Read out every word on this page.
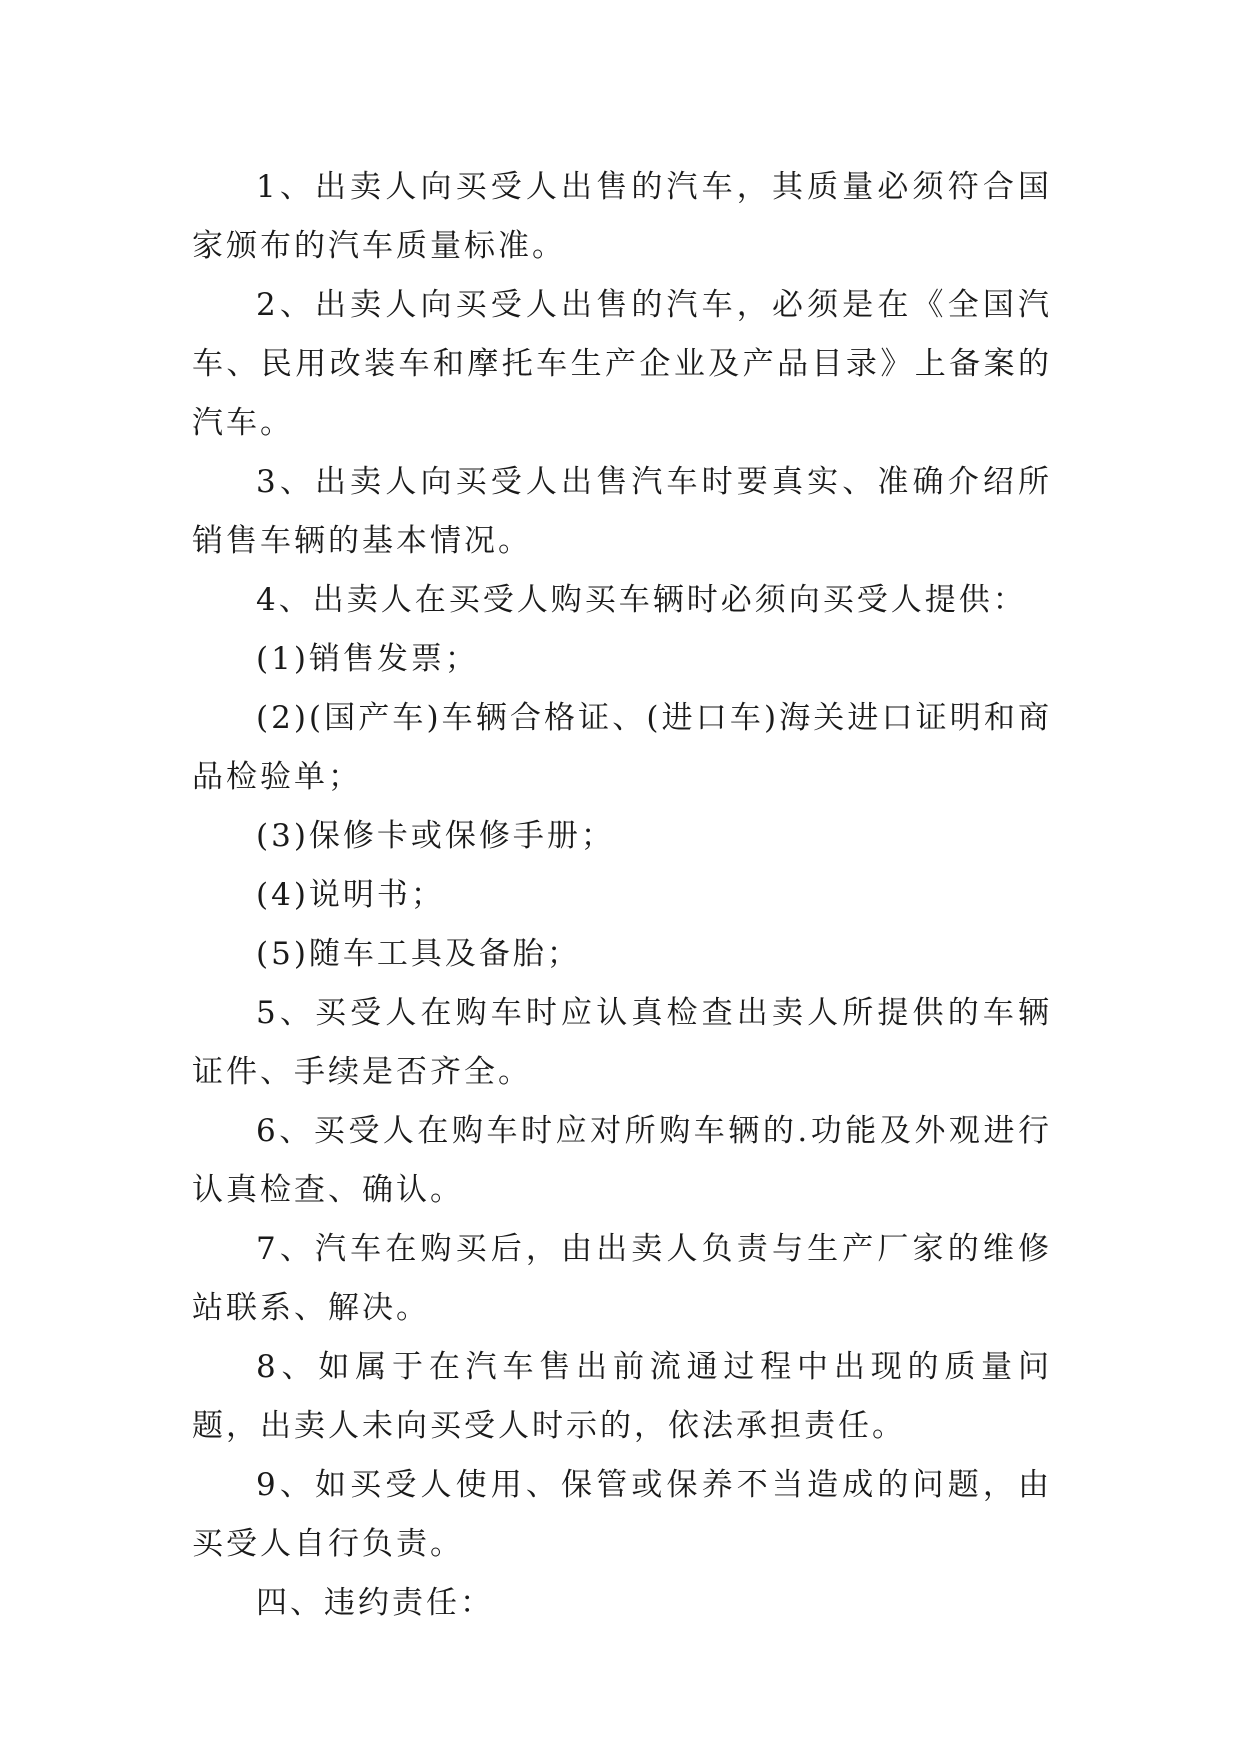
1、出卖人向买受人出售的汽车，其质量必须符合国家颁布的汽车质量标准。

2、出卖人向买受人出售的汽车，必须是在《全国汽车、民用改装车和摩托车生产企业及产品目录》上备案的汽车。

3、出卖人向买受人出售汽车时要真实、准确介绍所销售车辆的基本情况。

4、出卖人在买受人购买车辆时必须向买受人提供：

(1)销售发票；

(2)(国产车)车辆合格证、(进口车)海关进口证明和商品检验单；

(3)保修卡或保修手册；

(4)说明书；

(5)随车工具及备胎；

5、买受人在购车时应认真检查出卖人所提供的车辆证件、手续是否齐全。

6、买受人在购车时应对所购车辆的.功能及外观进行认真检查、确认。

7、汽车在购买后，由出卖人负责与生产厂家的维修站联系、解决。

8、如属于在汽车售出前流通过程中出现的质量问题，出卖人未向买受人时示的，依法承担责任。

9、如买受人使用、保管或保养不当造成的问题，由买受人自行负责。

四、违约责任：
